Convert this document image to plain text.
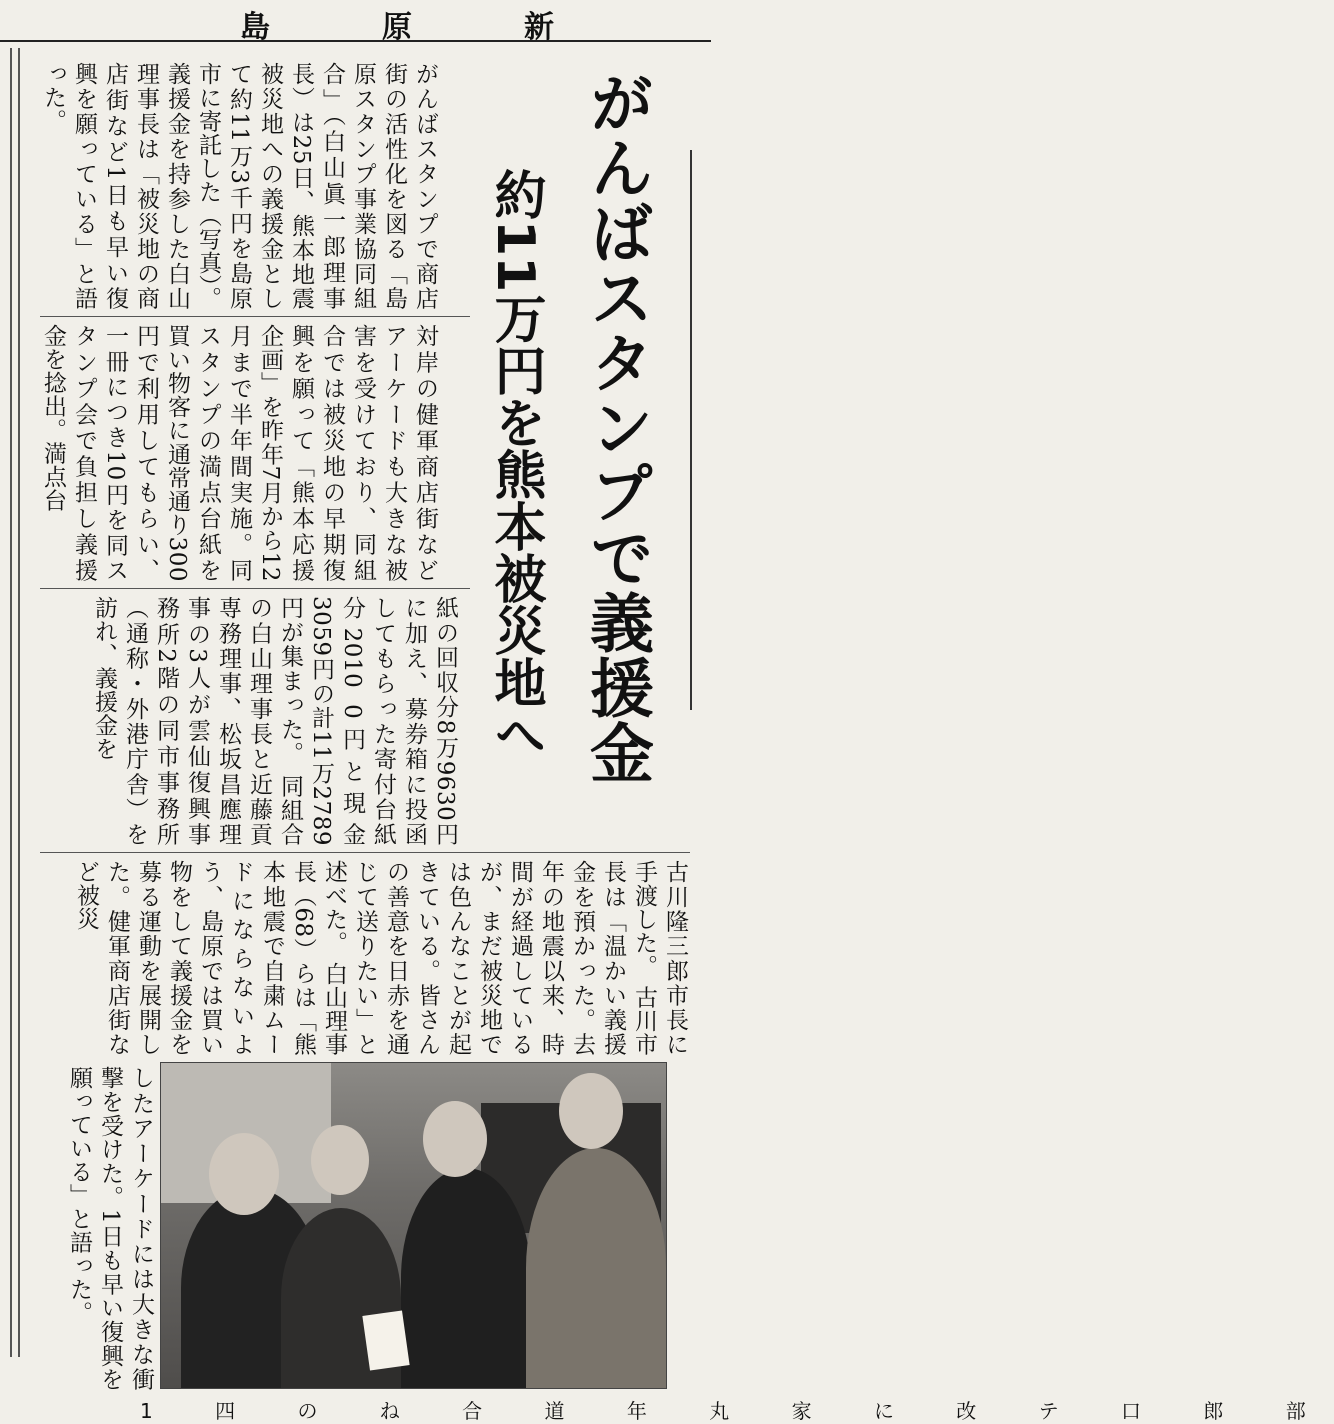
島原新
がんばスタンプで義援金
約11万円を熊本被災地へ
がんばスタンプで商店街の活性化を図る「島原スタンプ事業協同組合」（白山眞一郎理事長）は25日、熊本地震被災地への義援金として約11万3千円を島原市に寄託した（写真）。義援金を持参した白山理事長は「被災地の商店街など1日も早い復興を願っている」と語った。
対岸の健軍商店街などアーケードも大きな被害を受けており、同組合では被災地の早期復興を願って「熊本応援企画」を昨年7月から12月まで半年間実施。同スタンプの満点台紙を買い物客に通常通り300円で利用してもらい、一冊につき10円を同スタンプ会で負担し義援金を捻出。満点台
紙の回収分8万9630円に加え、募券箱に投函してもらった寄付台紙分2010 0円と現金3059円の計11万2789円が集まった。 同組合の白山理事長と近藤貢専務理事、松坂昌應理事の3人が雲仙復興事務所2階の同市事務所（通称・外港庁舎）を訪れ、義援金を
古川隆三郎市長に手渡した。 古川市長は「温かい義援金を預かった。去年の地震以来、時間が経過しているが、まだ被災地では色んなことが起きている。皆さんの善意を日赤を通じて送りたい」と述べた。 白山理事長（68）らは「熊本地震で自粛ムードにならないよう、島原では買い物をして義援金を募る運動を展開した。健軍商店街など被災
したアーケードには大きな衝撃を受けた。1日も早い復興を願っている」と語った。
1 四 の ね 合 道 年 丸 家 に 改 テ 口 郎 部
